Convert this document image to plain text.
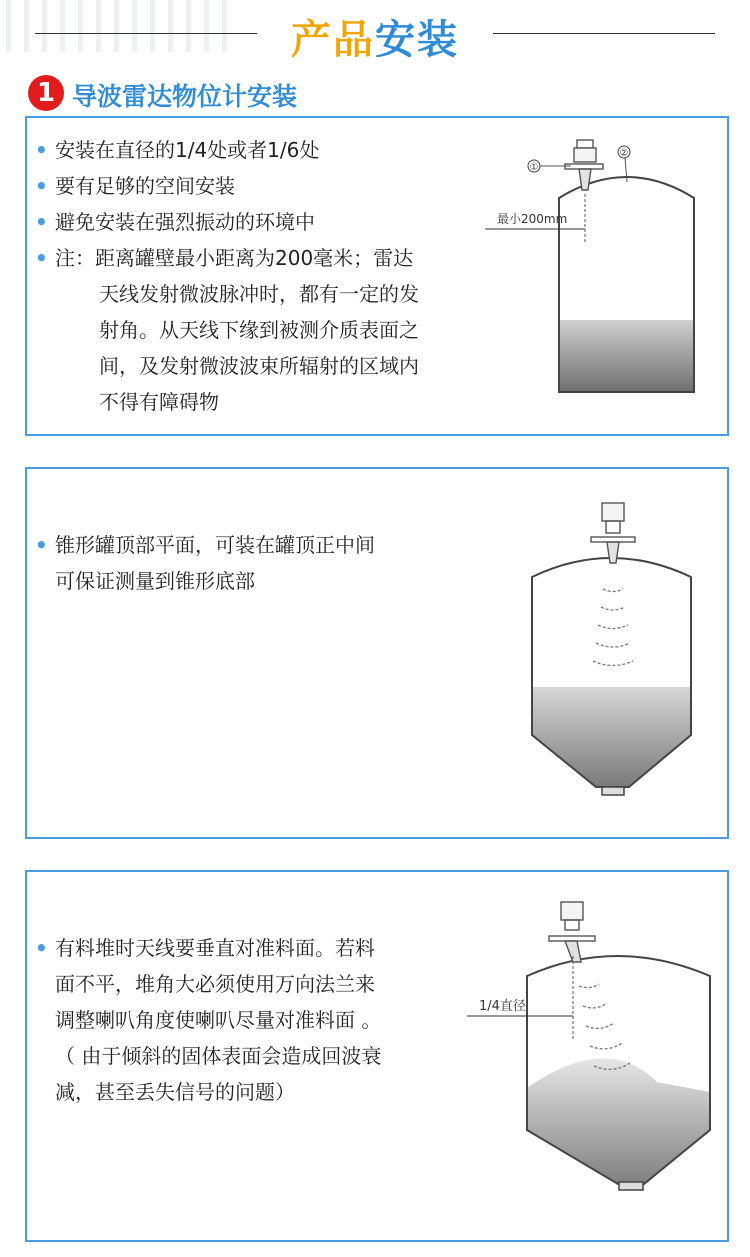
产品安装
1 导波雷达物位计安装
• 安装在直径的1/4处或者1/6处
• 要有足够的空间安装
• 避免安装在强烈振动的环境中
• 注：距离罐壁最小距离为200毫米；雷达
天线发射微波脉冲时，都有一定的发
射角。从天线下缘到被测介质表面之
间，及发射微波波束所辐射的区域内
不得有障碍物
①
②
最小200mm
• 锥形罐顶部平面，可装在罐顶正中间
可保证测量到锥形底部
• 有料堆时天线要垂直对准料面。若料
面不平，堆角大必须使用万向法兰来
调整喇叭角度使喇叭尽量对准料面 。
（ 由于倾斜的固体表面会造成回波衰
减，甚至丢失信号的问题）
1/4直径
